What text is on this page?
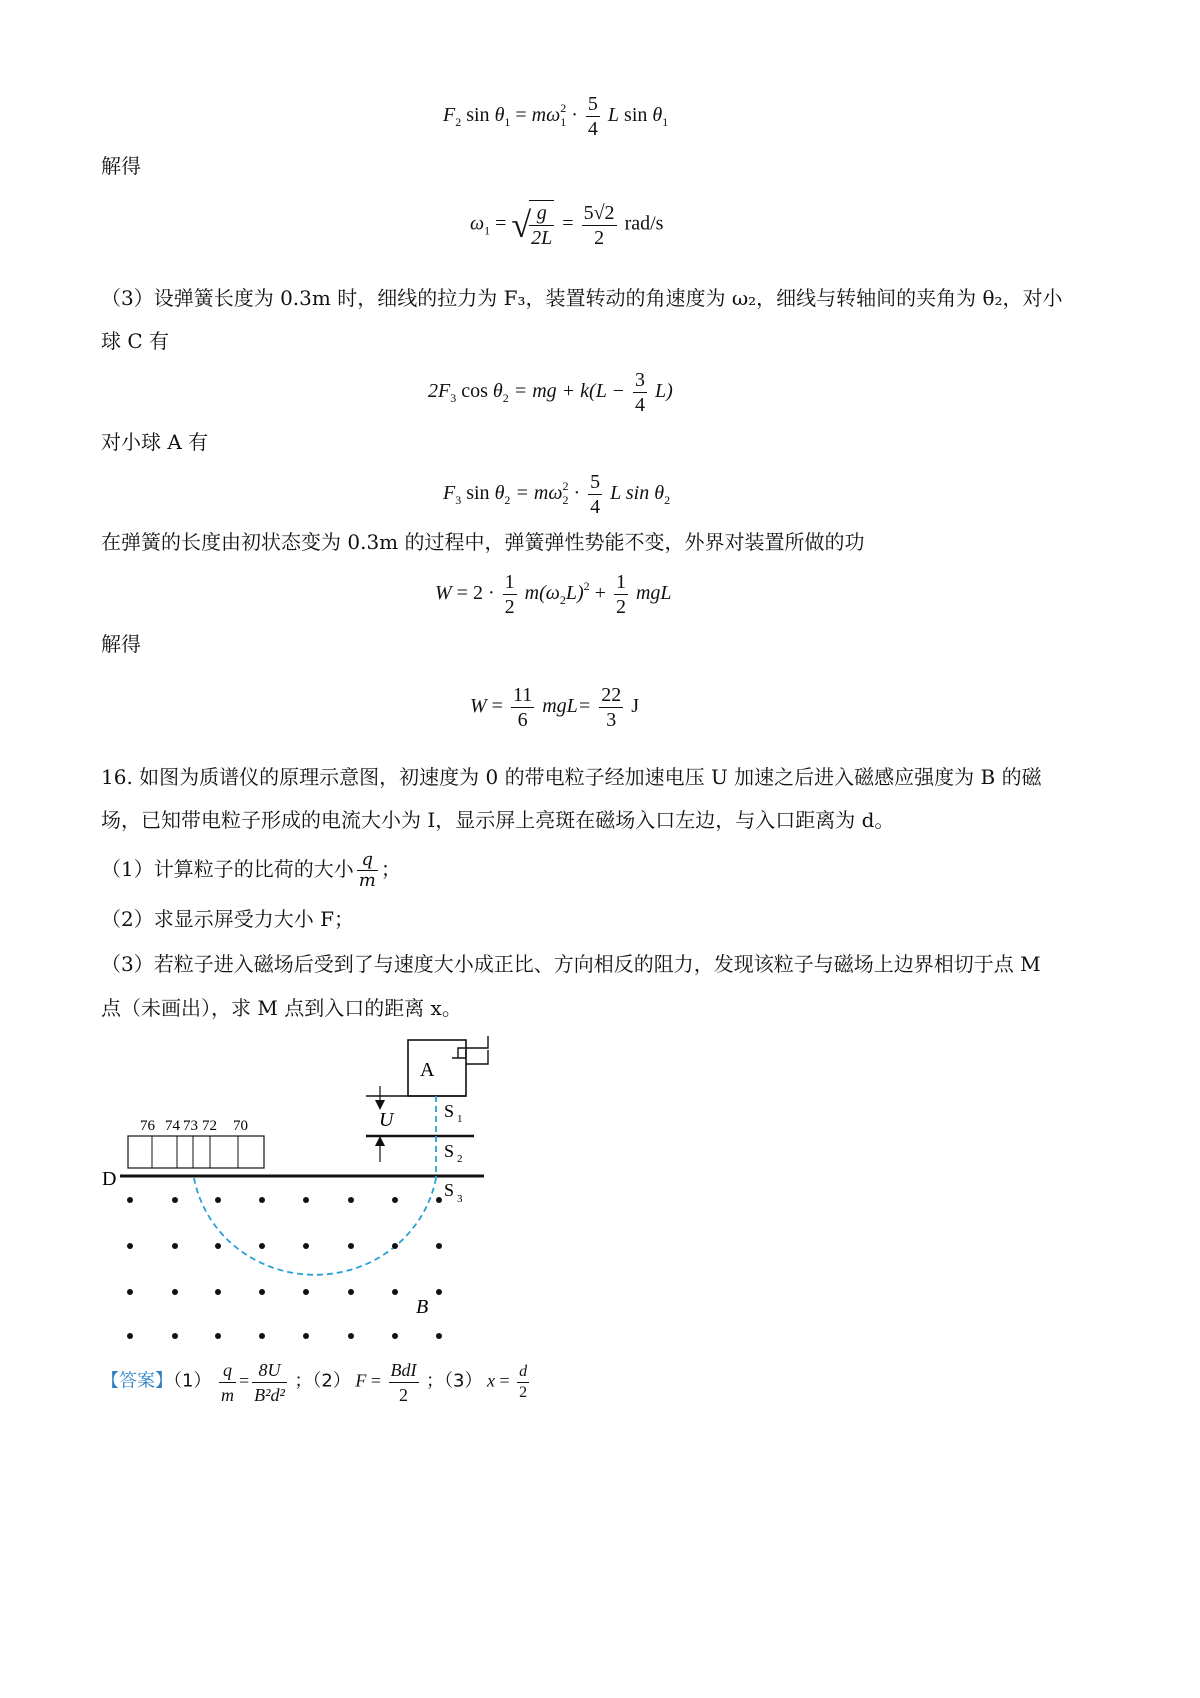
$F_2$ $\sin \theta_1 = m\omega^2_1 \cdot \frac{5}{4}$ L $\sin \theta_1$
解得
$\omega_1$ = √
$\frac{g}{2L} = \frac{5√2}{2} rad/s$
（3）设弹簧长度为 0.3m 时，细线的拉力为 F₃，装置转动的角速度为 ω₂，细线与转轴间的夹角为 θ₂，对小
球 C 有
$2F_3$ $\cos \theta_2$ = mg + $k(L - \frac{3}{4} L)$
对小球 A 有
$F_3$ $\sin \theta_2 = m\omega^2_2 \cdot \frac{5}{4}$ L $\sin \theta_2$
在弹簧的长度由初状态变为 0.3m 的过程中，弹簧弹性势能不变，外界对装置所做的功
$W = 2 \cdot \frac{1}{2} m(\omega_2L)^2 + \frac{1}{2}$ mgL
解得
$W = \frac{11}{6} mgL= \frac{22}{3}$ J
16. 如图为质谱仪的原理示意图，初速度为 0 的带电粒子经加速电压 U 加速之后进入磁感应强度为 B 的磁
场，已知带电粒子形成的电流大小为 I，显示屏上亮斑在磁场入口左边，与入口距离为 d。
（1）计算粒子的比荷的大小 $\frac{q}{m}$ ；
（2）求显示屏受力大小 F；
（3）若粒子进入磁场后受到了与速度大小成正比、方向相反的阻力，发现该粒子与磁场上边界相切于点 M
点（未画出），求 M 点到入口的距离 x。
A
U	S 1
S 2
S 3
D
76 74 73 72 70
B
【答案】$(1) \frac{q}{m} = \frac{8U}{\text{B²d²}}$ ；（2） $F = \frac{\text{BdI}}{2}$ ；（3） $x = \frac{d}{2}$
